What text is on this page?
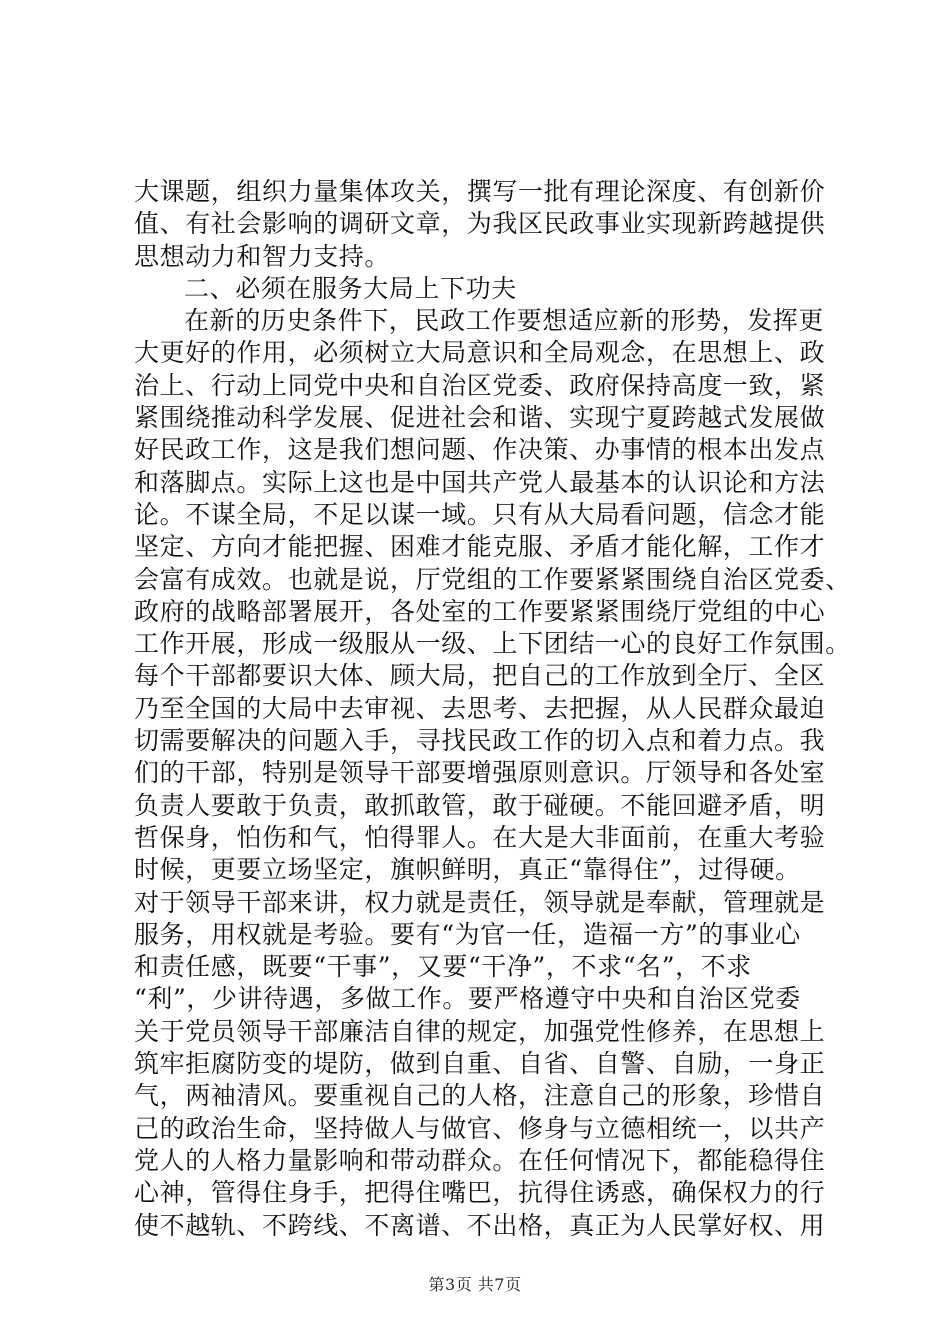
大课题，组织力量集体攻关，撰写一批有理论深度、有创新价
值、有社会影响的调研文章，为我区民政事业实现新跨越提供
思想动力和智力支持。
二、必须在服务大局上下功夫
在新的历史条件下，民政工作要想适应新的形势，发挥更
大更好的作用，必须树立大局意识和全局观念，在思想上、政
治上、行动上同党中央和自治区党委、政府保持高度一致，紧
紧围绕推动科学发展、促进社会和谐、实现宁夏跨越式发展做
好民政工作，这是我们想问题、作决策、办事情的根本出发点
和落脚点。实际上这也是中国共产党人最基本的认识论和方法
论。不谋全局，不足以谋一域。只有从大局看问题，信念才能
坚定、方向才能把握、困难才能克服、矛盾才能化解，工作才
会富有成效。也就是说，厅党组的工作要紧紧围绕自治区党委、
政府的战略部署展开，各处室的工作要紧紧围绕厅党组的中心
工作开展，形成一级服从一级、上下团结一心的良好工作氛围。
每个干部都要识大体、顾大局，把自己的工作放到全厅、全区
乃至全国的大局中去审视、去思考、去把握，从人民群众最迫
切需要解决的问题入手，寻找民政工作的切入点和着力点。我
们的干部，特别是领导干部要增强原则意识。厅领导和各处室
负责人要敢于负责，敢抓敢管，敢于碰硬。不能回避矛盾，明
哲保身，怕伤和气，怕得罪人。在大是大非面前，在重大考验
时候，更要立场坚定，旗帜鲜明，真正“靠得住”，过得硬。
对于领导干部来讲，权力就是责任，领导就是奉献，管理就是
服务，用权就是考验。要有“为官一任，造福一方”的事业心
和责任感，既要“干事”，又要“干净”，不求“名”，不求
“利”，少讲待遇，多做工作。要严格遵守中央和自治区党委
关于党员领导干部廉洁自律的规定，加强党性修养，在思想上
筑牢拒腐防变的堤防，做到自重、自省、自警、自励，一身正
气，两袖清风。要重视自己的人格，注意自己的形象，珍惜自
己的政治生命，坚持做人与做官、修身与立德相统一，以共产
党人的人格力量影响和带动群众。在任何情况下，都能稳得住
心神，管得住身手，把得住嘴巴，抗得住诱惑，确保权力的行
使不越轨、不跨线、不离谱、不出格，真正为人民掌好权、用
第3页 共7页
